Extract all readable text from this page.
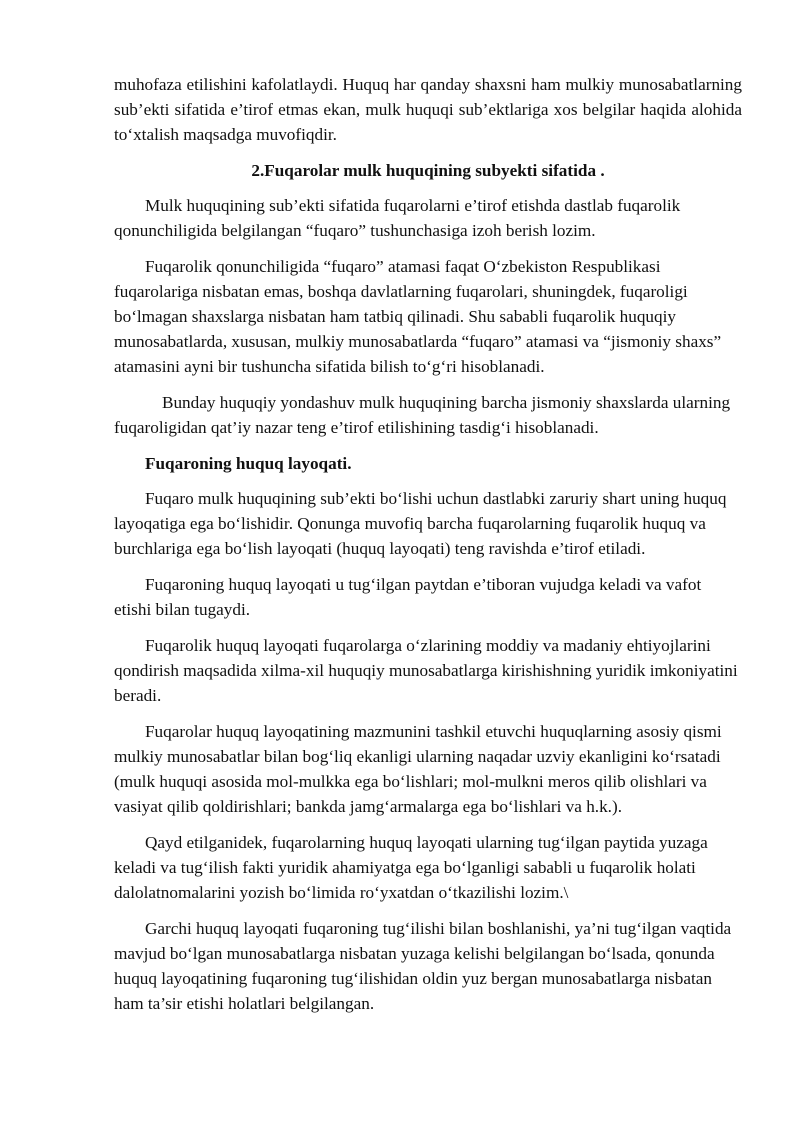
muhofaza etilishini kafolatlaydi. Huquq har qanday shaxsni ham mulkiy munosabatlarning sub’ekti sifatida e’tirof etmas ekan, mulk huquqi sub’ektlariga xos belgilar haqida alohida to‘xtalish maqsadga muvofiqdir.

2.Fuqarolar mulk huquqining subyekti sifatida .

Mulk huquqining sub’ekti sifatida fuqarolarni e’tirof etishda dastlab fuqarolik qonunchiligida belgilangan “fuqaro” tushunchasiga izoh berish lozim.

Fuqarolik qonunchiligida “fuqaro” atamasi faqat O‘zbekiston Respublikasi fuqarolariga nisbatan emas, boshqa davlatlarning fuqarolari, shuningdek, fuqaroligi bo‘lmagan shaxslarga nisbatan ham tatbiq qilinadi. Shu sababli fuqarolik huquqiy munosabatlarda, xususan, mulkiy munosabatlarda “fuqaro” atamasi va “jismoniy shaxs” atamasini ayni bir tushuncha sifatida bilish to‘g‘ri hisoblanadi.

Bunday huquqiy yondashuv mulk huquqining barcha jismoniy shaxslarda ularning fuqaroligidan qat’iy nazar teng e’tirof etilishining tasdig‘i hisoblanadi.

Fuqaroning huquq layoqati.

Fuqaro mulk huquqining sub’ekti bo‘lishi uchun dastlabki zaruriy shart uning huquq layoqatiga ega bo‘lishidir. Qonunga muvofiq barcha fuqarolarning fuqarolik huquq va burchlariga ega bo‘lish layoqati (huquq layoqati) teng ravishda e’tirof etiladi.

Fuqaroning huquq layoqati u tug‘ilgan paytdan e’tiboran vujudga keladi va vafot etishi bilan tugaydi.

Fuqarolik huquq layoqati fuqarolarga o‘zlarining moddiy va madaniy ehtiyojlarini qondirish maqsadida xilma-xil huquqiy munosabatlarga kirishishning yuridik imkoniyatini beradi.

Fuqarolar huquq layoqatining mazmunini tashkil etuvchi huquqlarning asosiy qismi mulkiy munosabatlar bilan bog‘liq ekanligi ularning naqadar uzviy ekanligini ko‘rsatadi (mulk huquqi asosida mol-mulkka ega bo‘lishlari; mol-mulkni meros qilib olishlari va vasiyat qilib qoldirishlari; bankda jamg‘armalarga ega bo‘lishlari va h.k.).

Qayd etilganidek, fuqarolarning huquq layoqati ularning tug‘ilgan paytida yuzaga keladi va tug‘ilish fakti yuridik ahamiyatga ega bo‘lganligi sababli u fuqarolik holati dalolatnomalarini yozish bo‘limida ro‘yxatdan o‘tkazilishi lozim.\

Garchi huquq layoqati fuqaroning tug‘ilishi bilan boshlanishi, ya’ni tug‘ilgan vaqtida mavjud bo‘lgan munosabatlarga nisbatan yuzaga kelishi belgilangan bo‘lsada, qonunda huquq layoqatining fuqaroning tug‘ilishidan oldin yuz bergan munosabatlarga nisbatan ham ta’sir etishi holatlari belgilangan.
